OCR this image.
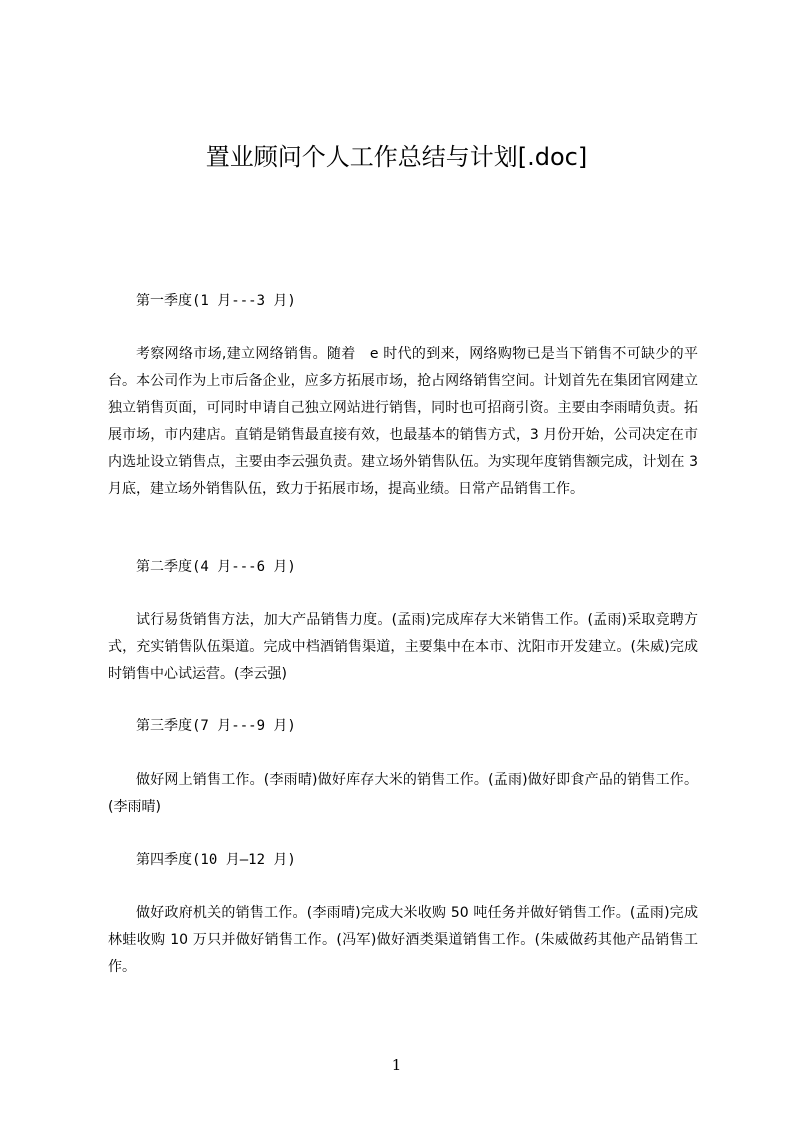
置业顾问个人工作总结与计划[.doc]
第一季度(1 月---3 月)
考察网络市场,建立网络销售。随着　e 时代的到来，网络购物已是当下销售不可缺少的平台。本公司作为上市后备企业，应多方拓展市场，抢占网络销售空间。计划首先在集团官网建立独立销售页面，可同时申请自己独立网站进行销售，同时也可招商引资。主要由李雨晴负责。拓展市场，市内建店。直销是销售最直接有效，也最基本的销售方式，3 月份开始，公司决定在市内选址设立销售点，主要由李云强负责。建立场外销售队伍。为实现年度销售额完成，计划在 3 月底，建立场外销售队伍，致力于拓展市场，提高业绩。日常产品销售工作。
第二季度(4 月---6 月)
试行易货销售方法，加大产品销售力度。(孟雨)完成库存大米销售工作。(孟雨)采取竞聘方式，充实销售队伍渠道。完成中档酒销售渠道，主要集中在本市、沈阳市开发建立。(朱威)完成时销售中心试运营。(李云强)
第三季度(7 月---9 月)
做好网上销售工作。(李雨晴)做好库存大米的销售工作。(孟雨)做好即食产品的销售工作。(李雨晴)
第四季度(10 月—12 月)
做好政府机关的销售工作。(李雨晴)完成大米收购 50 吨任务并做好销售工作。(孟雨)完成林蛙收购 10 万只并做好销售工作。(冯军)做好酒类渠道销售工作。(朱威做药其他产品销售工作。
1
